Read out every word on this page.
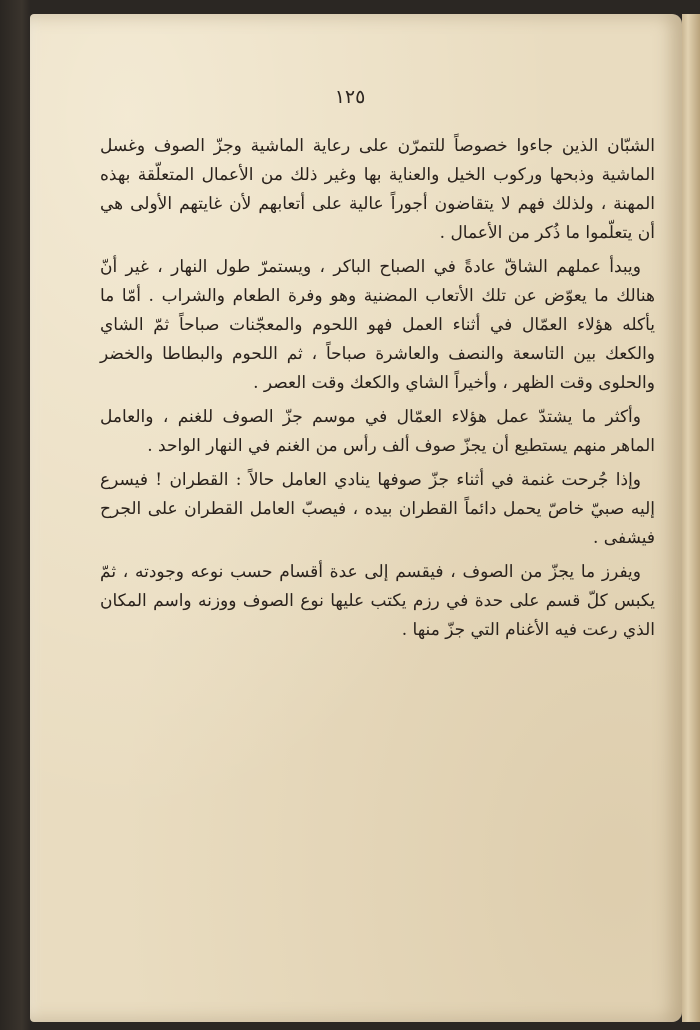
١٢٥

الشبّان الذين جاءوا خصوصاً للتمرّن على رعاية الماشية وجزّ الصوف وغسل الماشية وذبحها وركوب الخيل والعناية بها وغير ذلك من الأعمال المتعلّقة بهذه المهنة ، ولذلك فهم لا يتقاضون أجوراً عالية على أتعابهم لأن غايتهم الأولى هي أن يتعلّموا ما ذُكر من الأعمال .

ويبدأ عملهم الشاقّ عادةً في الصباح الباكر ، ويستمرّ طول النهار ، غير أنّ هنالك ما يعوّض عن تلك الأتعاب المضنية وهو وفرة الطعام والشراب . أمّا ما يأكله هؤلاء العمّال في أثناء العمل فهو اللحوم والمعجّنات صباحاً ثمّ الشاي والكعك بين التاسعة والنصف والعاشرة صباحاً ، ثم اللحوم والبطاطا والخضر والحلوى وقت الظهر ، وأخيراً الشاي والكعك وقت العصر .

وأكثر ما يشتدّ عمل هؤلاء العمّال في موسم جزّ الصوف للغنم ، والعامل الماهر منهم يستطيع أن يجزّ صوف ألف رأس من الغنم في النهار الواحد .

وإذا جُرحت غنمة في أثناء جزّ صوفها ينادي العامل حالاً : القطران ! فيسرع إليه صبيّ خاصّ يحمل دائماً القطران بيده ، فيصبّ العامل القطران على الجرح فيشفى .

ويفرز ما يجزّ من الصوف ، فيقسم إلى عدة أقسام حسب نوعه وجودته ، ثمّ يكبس كلّ قسم على حدة في رزم يكتب عليها نوع الصوف ووزنه واسم المكان الذي رعت فيه الأغنام التي جزّ منها .
